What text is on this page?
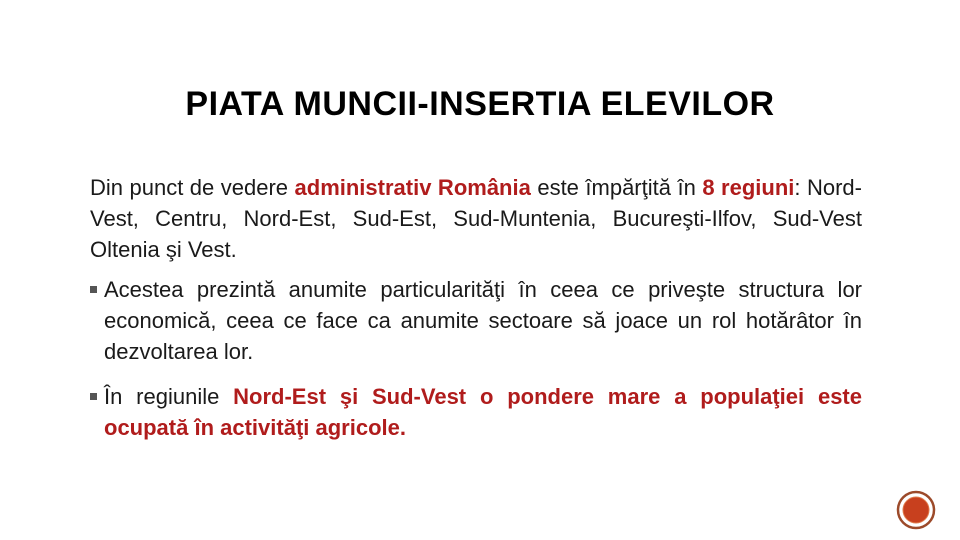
PIATA MUNCII-INSERTIA ELEVILOR

Din punct de vedere administrativ România este împărţită în 8 regiuni: Nord-Vest, Centru, Nord-Est, Sud-Est, Sud-Muntenia, Bucureşti-Ilfov, Sud-Vest Oltenia şi Vest.

Acestea prezintă anumite particularităţi în ceea ce priveşte structura lor economică, ceea ce face ca anumite sectoare să joace un rol hotărâtor în dezvoltarea lor.

În regiunile Nord-Est şi Sud-Vest o pondere mare a populaţiei este ocupată în activităţi agricole.
